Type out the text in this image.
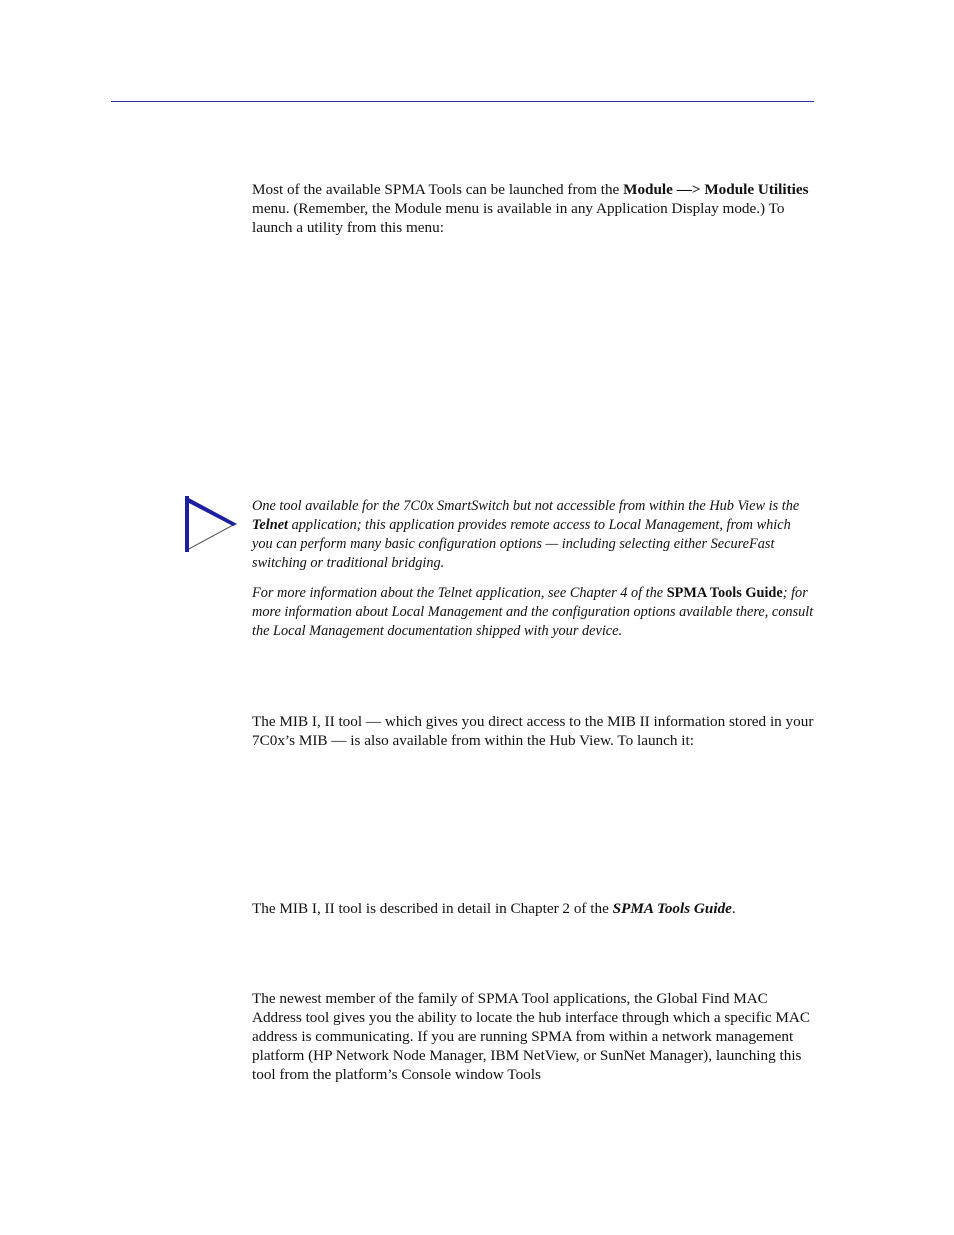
Most of the available SPMA Tools can be launched from the Module —> Module Utilities menu. (Remember, the Module menu is available in any Application Display mode.) To launch a utility from this menu:

One tool available for the 7C0x SmartSwitch but not accessible from within the Hub View is the Telnet application; this application provides remote access to Local Management, from which you can perform many basic configuration options — including selecting either SecureFast switching or traditional bridging.

For more information about the Telnet application, see Chapter 4 of the SPMA Tools Guide; for more information about Local Management and the configuration options available there, consult the Local Management documentation shipped with your device.

The MIB I, II tool — which gives you direct access to the MIB II information stored in your 7C0x’s MIB — is also available from within the Hub View. To launch it:

The MIB I, II tool is described in detail in Chapter 2 of the SPMA Tools Guide.

The newest member of the family of SPMA Tool applications, the Global Find MAC Address tool gives you the ability to locate the hub interface through which a specific MAC address is communicating. If you are running SPMA from within a network management platform (HP Network Node Manager, IBM NetView, or SunNet Manager), launching this tool from the platform’s Console window Tools
